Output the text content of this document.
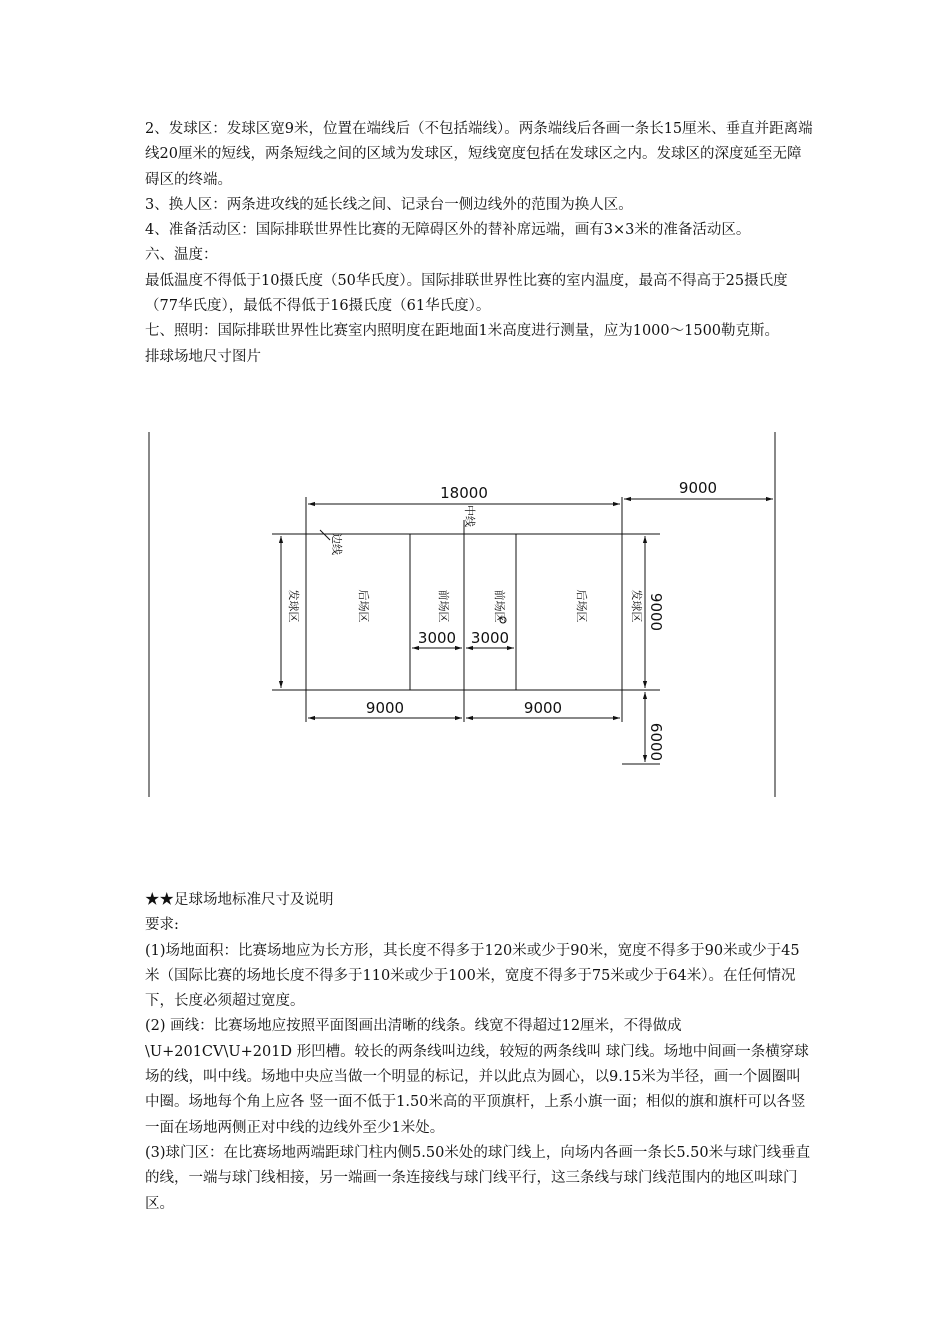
2、发球区：发球区宽9米，位置在端线后（不包括端线）。两条端线后各画一条长15厘米、垂直并距离端线20厘米的短线，两条短线之间的区域为发球区，短线宽度包括在发球区之内。发球区的深度延至无障碍区的终端。

3、换人区：两条进攻线的延长线之间、记录台一侧边线外的范围为换人区。

4、准备活动区：国际排联世界性比赛的无障碍区外的替补席远端，画有3×3米的准备活动区。

六、温度：

最低温度不得低于10摄氏度（50华氏度）。国际排联世界性比赛的室内温度，最高不得高于25摄氏度（77华氏度），最低不得低于16摄氏度（61华氏度）。

七、照明：国际排联世界性比赛室内照明度在距地面1米高度进行测量，应为1000～1500勒克斯。

排球场地尺寸图片

18000	9000
9000	9000
3000 3000
9000
6000
中线
边线
发球区	后场区	前场区	前场区	后场区	发球区

★★足球场地标准尺寸及说明

要求:

(1)场地面积：比赛场地应为长方形，其长度不得多于120米或少于90米，宽度不得多于90米或少于45米（国际比赛的场地长度不得多于110米或少于100米，宽度不得多于75米或少于64米）。在任何情况下，长度必须超过宽度。

(2) 画线：比赛场地应按照平面图画出清晰的线条。线宽不得超过12厘米，不得做成\U+201CV\U+201D 形凹槽。较长的两条线叫边线，较短的两条线叫 球门线。场地中间画一条横穿球场的线，叫中线。场地中央应当做一个明显的标记，并以此点为圆心，以9.15米为半径，画一个圆圈叫中圈。场地每个角上应各 竖一面不低于1.50米高的平顶旗杆，上系小旗一面；相似的旗和旗杆可以各竖一面在场地两侧正对中线的边线外至少1米处。

(3)球门区：在比赛场地两端距球门柱内侧5.50米处的球门线上，向场内各画一条长5.50米与球门线垂直的线，一端与球门线相接，另一端画一条连接线与球门线平行，这三条线与球门线范围内的地区叫球门区。
